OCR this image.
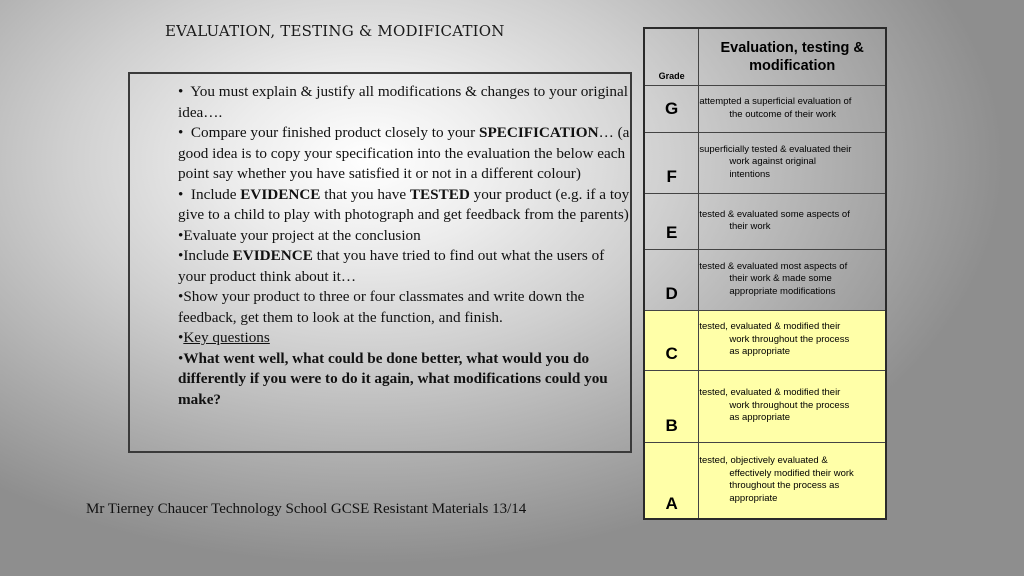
EVALUATION, TESTING & MODIFICATION

•  You must explain & justify all modifications & changes to your original idea….

•  Compare your finished product closely to your SPECIFICATION… (a good idea is to copy your specification into the evaluation the below each point say whether you have satisfied it or not in a different colour)

•  Include EVIDENCE that you have TESTED your product (e.g. if a toy give to a child to play with photograph and get feedback from the parents)

•Evaluate your project at the conclusion

•Include EVIDENCE that you have tried to find out what the users of your product think about it…

•Show your product to three or four classmates and write down the feedback, get them to look at the function, and finish.

•Key questions

•What went well, what could be done better, what would you do differently if you were to do it again, what modifications could you make?

Mr Tierney Chaucer Technology School GCSE Resistant Materials 13/14
Grade	Evaluation, testing & modification

G	attempted a superficial evaluation of
the outcome of their work

F	superficially tested & evaluated their
work against original
intentions

E	tested & evaluated some aspects of
their work

D	tested & evaluated most aspects of
their work & made some
appropriate modifications

C	tested, evaluated & modified their
work throughout the process
as appropriate

B	tested, evaluated & modified their
work throughout the process
as appropriate

A	tested, objectively evaluated &
effectively modified their work
throughout the process as
appropriate
